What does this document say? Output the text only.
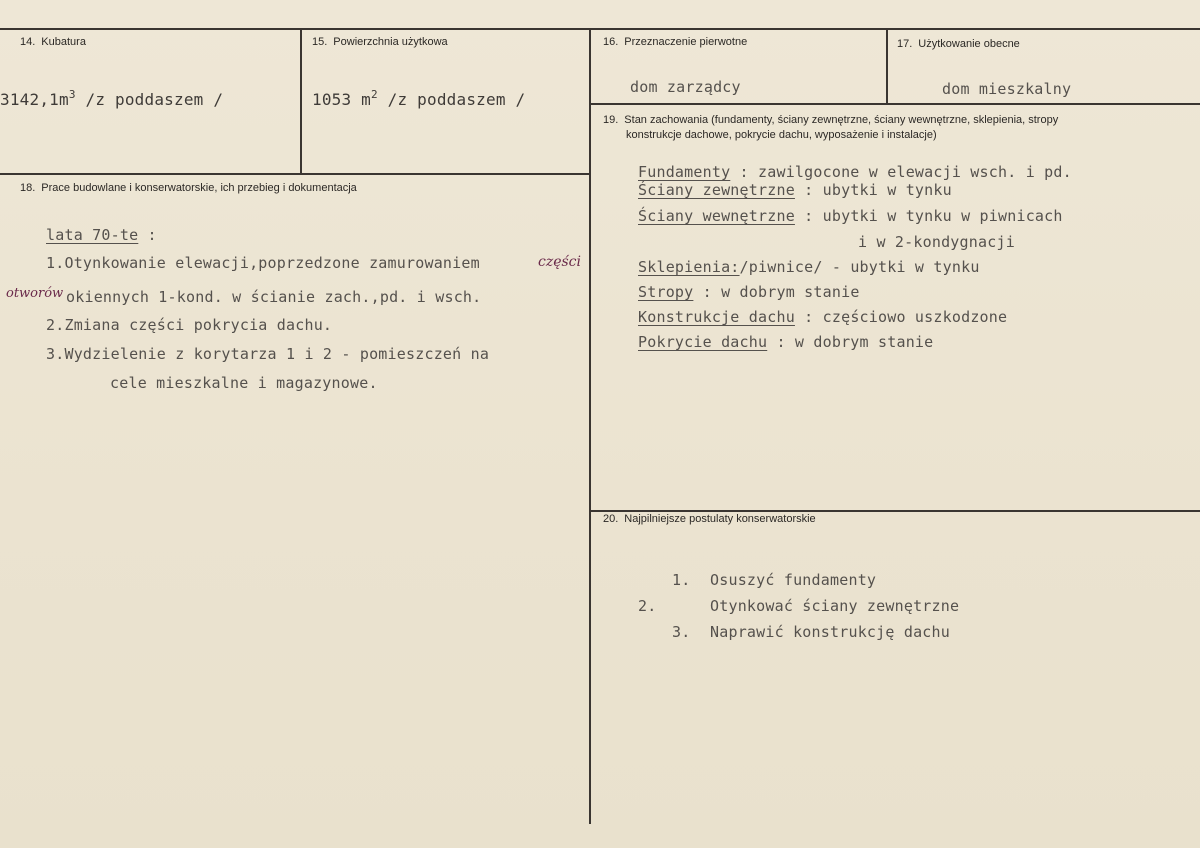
14. Kubatura
$3142,1m^3$ /z poddaszem /
15. Powierzchnia użytkowa
1053 $m^2$ /z poddaszem /
16. Przeznaczenie pierwotne
dom zarządcy
17. Użytkowanie obecne
dom mieszkalny
18. Prace budowlane i konserwatorskie, ich przebieg i dokumentacja
lata 70-te :
1.Otynkowanie elewacji,poprzedzone zamurowaniem	części
otworów okiennych 1-kond. w ścianie zach.,pd. i wsch.
2.Zmiana części pokrycia dachu.
3.Wydzielenie z korytarza 1 i 2 - pomieszczeń na
cele mieszkalne i magazynowe.
19. Stan zachowania (fundamenty, ściany zewnętrzne, ściany wewnętrzne, sklepienia, stropy
konstrukcje dachowe, pokrycie dachu, wyposażenie i instalacje)
Fundamenty : zawilgocone w elewacji wsch. i pd.
Ściany zewnętrzne : ubytki w tynku
Ściany wewnętrzne : ubytki w tynku w piwnicach
i w 2-kondygnacji
Sklepienia:/piwnice/ - ubytki w tynku
Stropy : w dobrym stanie
Konstrukcje dachu : częściowo uszkodzone
Pokrycie dachu : w dobrym stanie
20. Najpilniejsze postulaty konserwatorskie
1. Osuszyć fundamenty
2.	Otynkować ściany zewnętrzne
3. Naprawić konstrukcję dachu
